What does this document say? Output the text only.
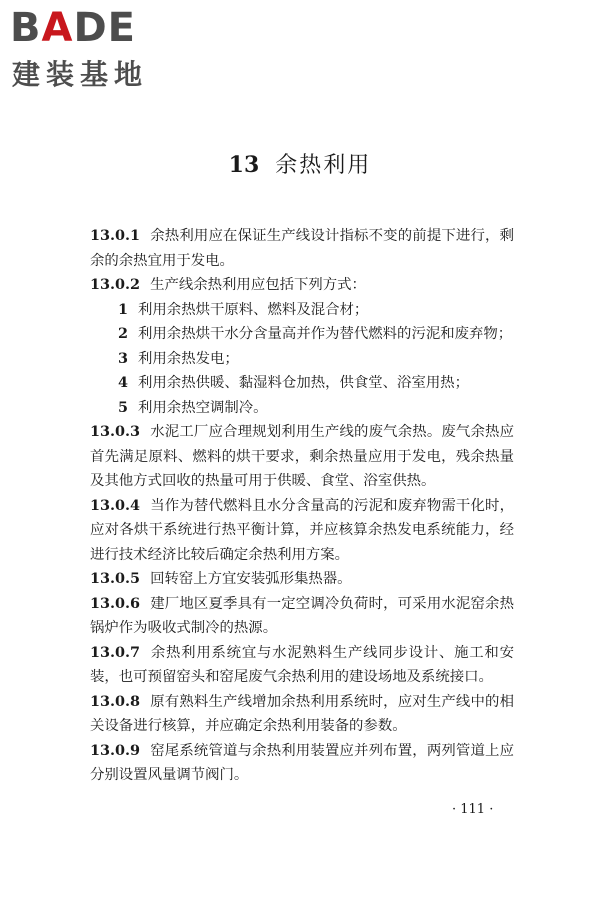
BADE
建装基地
13 余热利用

13.0.1 余热利用应在保证生产线设计指标不变的前提下进行，剩余的余热宜用于发电。

13.0.2 生产线余热利用应包括下列方式：

1 利用余热烘干原料、燃料及混合材；

2 利用余热烘干水分含量高并作为替代燃料的污泥和废弃物；

3 利用余热发电；

4 利用余热供暖、黏湿料仓加热，供食堂、浴室用热；

5 利用余热空调制冷。

13.0.3 水泥工厂应合理规划利用生产线的废气余热。废气余热应首先满足原料、燃料的烘干要求，剩余热量应用于发电，残余热量及其他方式回收的热量可用于供暖、食堂、浴室供热。

13.0.4 当作为替代燃料且水分含量高的污泥和废弃物需干化时，应对各烘干系统进行热平衡计算，并应核算余热发电系统能力，经进行技术经济比较后确定余热利用方案。

13.0.5 回转窑上方宜安装弧形集热器。

13.0.6 建厂地区夏季具有一定空调冷负荷时，可采用水泥窑余热锅炉作为吸收式制冷的热源。

13.0.7 余热利用系统宜与水泥熟料生产线同步设计、施工和安装，也可预留窑头和窑尾废气余热利用的建设场地及系统接口。

13.0.8 原有熟料生产线增加余热利用系统时，应对生产线中的相关设备进行核算，并应确定余热利用装备的参数。

13.0.9 窑尾系统管道与余热利用装置应并列布置，两列管道上应分别设置风量调节阀门。

· 111 ·
